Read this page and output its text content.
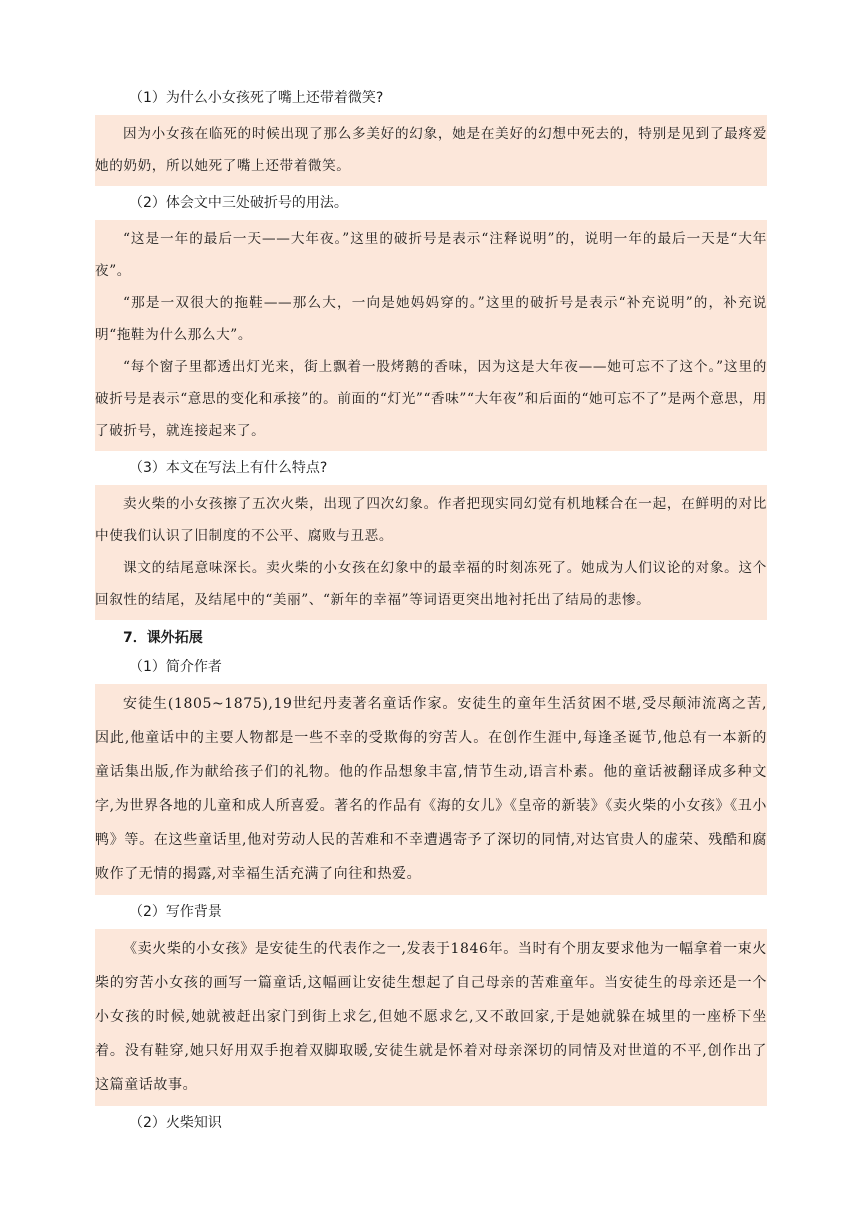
（1）为什么小女孩死了嘴上还带着微笑?

因为小女孩在临死的时候出现了那么多美好的幻象，她是在美好的幻想中死去的，特别是见到了最疼爱她的奶奶，所以她死了嘴上还带着微笑。

（2）体会文中三处破折号的用法。

“这是一年的最后一天——大年夜。”这里的破折号是表示“注释说明”的，说明一年的最后一天是“大年夜”。

“那是一双很大的拖鞋——那么大，一向是她妈妈穿的。”这里的破折号是表示“补充说明”的，补充说明“拖鞋为什么那么大”。

“每个窗子里都透出灯光来，街上飘着一股烤鹅的香味，因为这是大年夜——她可忘不了这个。”这里的破折号是表示“意思的变化和承接”的。前面的“灯光”“香味”“大年夜”和后面的“她可忘不了”是两个意思，用了破折号，就连接起来了。

（3）本文在写法上有什么特点?

卖火柴的小女孩擦了五次火柴，出现了四次幻象。作者把现实同幻觉有机地糅合在一起，在鲜明的对比中使我们认识了旧制度的不公平、腐败与丑恶。

课文的结尾意味深长。卖火柴的小女孩在幻象中的最幸福的时刻冻死了。她成为人们议论的对象。这个回叙性的结尾，及结尾中的“美丽”、“新年的幸福”等词语更突出地衬托出了结局的悲惨。

7．课外拓展
（1）简介作者

安徒生(1805~1875),19世纪丹麦著名童话作家。安徒生的童年生活贫困不堪,受尽颠沛流离之苦,因此,他童话中的主要人物都是一些不幸的受欺侮的穷苦人。在创作生涯中,每逢圣诞节,他总有一本新的童话集出版,作为献给孩子们的礼物。他的作品想象丰富,情节生动,语言朴素。他的童话被翻译成多种文字,为世界各地的儿童和成人所喜爱。著名的作品有《海的女儿》《皇帝的新装》《卖火柴的小女孩》《丑小鸭》等。在这些童话里,他对劳动人民的苦难和不幸遭遇寄予了深切的同情,对达官贵人的虚荣、残酷和腐败作了无情的揭露,对幸福生活充满了向往和热爱。

（2）写作背景

《卖火柴的小女孩》是安徒生的代表作之一,发表于1846年。当时有个朋友要求他为一幅拿着一束火柴的穷苦小女孩的画写一篇童话,这幅画让安徒生想起了自己母亲的苦难童年。当安徒生的母亲还是一个小女孩的时候,她就被赶出家门到街上求乞,但她不愿求乞,又不敢回家,于是她就躲在城里的一座桥下坐着。没有鞋穿,她只好用双手抱着双脚取暖,安徒生就是怀着对母亲深切的同情及对世道的不平,创作出了这篇童话故事。

（2）火柴知识
